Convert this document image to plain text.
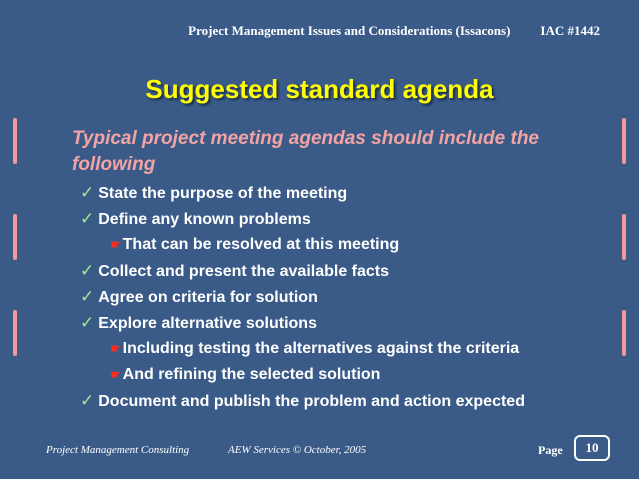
Project Management Issues and Considerations (Issacons) IAC #1442
Suggested standard agenda
Typical project meeting agendas should include the following
✓ State the purpose of the meeting
✓ Define any known problems
☛That can be resolved at this meeting
✓ Collect and present the available facts
✓ Agree on criteria for solution
✓ Explore alternative solutions
☛Including testing the alternatives against the criteria
☛And refining the selected solution
✓ Document and publish the problem and action expected
Project Management Consulting	AEW Services © October, 2005	Page	10
